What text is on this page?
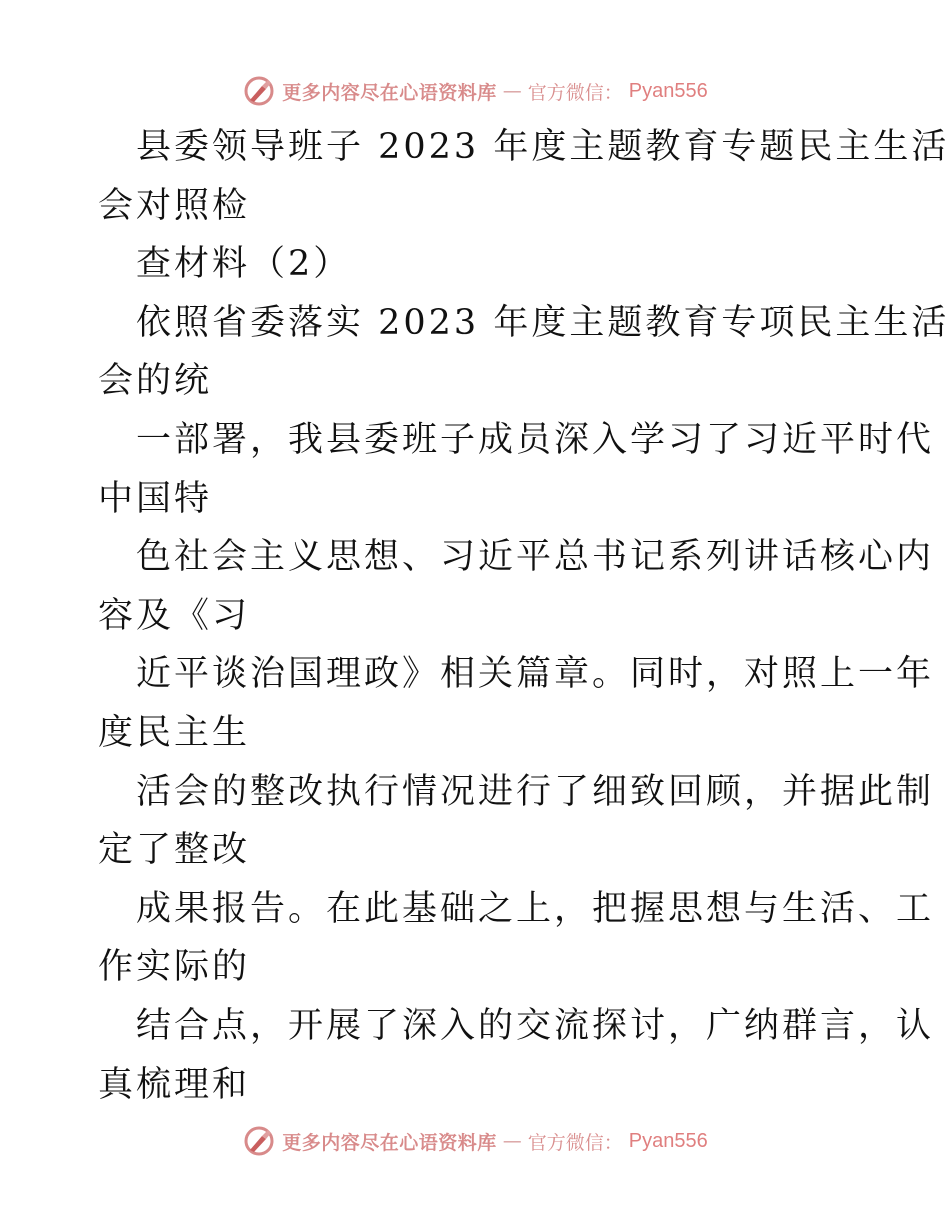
更多内容尽在心语资料库 — 官方微信： Pyan556
县委领导班子 2023 年度主题教育专题民主生活
会对照检
查材料（2）
依照省委落实 2023 年度主题教育专项民主生活
会的统
一部署，我县委班子成员深入学习了习近平时代
中国特
色社会主义思想、习近平总书记系列讲话核心内
容及《习
近平谈治国理政》相关篇章。同时，对照上一年
度民主生
活会的整改执行情况进行了细致回顾，并据此制
定了整改
成果报告。在此基础之上，把握思想与生活、工
作实际的
结合点，开展了深入的交流探讨，广纳群言，认
真梳理和
更多内容尽在心语资料库 — 官方微信： Pyan556
